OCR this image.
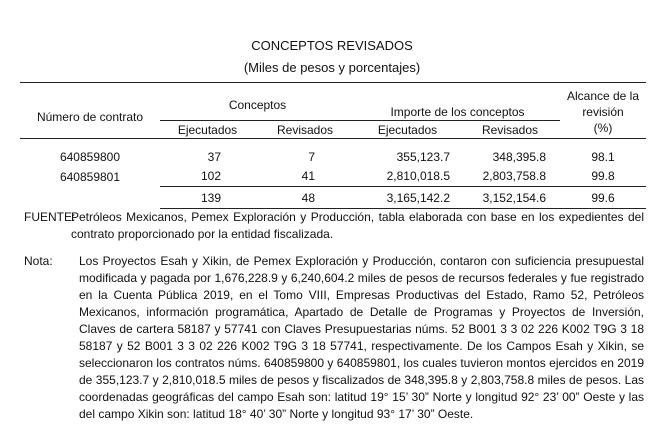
CONCEPTOS REVISADOS
(Miles de pesos y porcentajes)
Número de contrato	Conceptos		Importe de los conceptos		Alcance de la
revisión
(%)
	Ejecutados	Revisados	Ejecutados	Revisados	

640859800	37	7	355,123.7	348,395.8	98.1
640859801	102	41	2,810,018.5	2,803,758.8	99.8
	139	48	3,165,142.2	3,152,154.6	99.6
FUENTE:
Petróleos Mexicanos, Pemex Exploración y Producción, tabla elaborada con base en los expedientes del contrato proporcionado por la entidad fiscalizada.
Nota: Los Proyectos Esah y Xikin, de Pemex Exploración y Producción, contaron con suficiencia presupuestal modificada y pagada por 1,676,228.9 y 6,240,604.2 miles de pesos de recursos federales y fue registrado en la Cuenta Pública 2019, en el Tomo VIII, Empresas Productivas del Estado, Ramo 52, Petróleos Mexicanos, información programática, Apartado de Detalle de Programas y Proyectos de Inversión, Claves de cartera 58187 y 57741 con Claves Presupuestarias núms. 52 B001 3 3 02 226 K002 T9G 3 18 58187 y 52 B001 3 3 02 226 K002 T9G 3 18 57741, respectivamente. De los Campos Esah y Xikin, se seleccionaron los contratos núms. 640859800 y 640859801, los cuales tuvieron montos ejercidos en 2019 de 355,123.7 y 2,810,018.5 miles de pesos y fiscalizados de 348,395.8 y 2,803,758.8 miles de pesos. Las coordenadas geográficas del campo Esah son: latitud 19° 15’ 30” Norte y longitud 92° 23’ 00” Oeste y las del campo Xikin son: latitud 18° 40’ 30” Norte y longitud 93° 17’ 30” Oeste.
